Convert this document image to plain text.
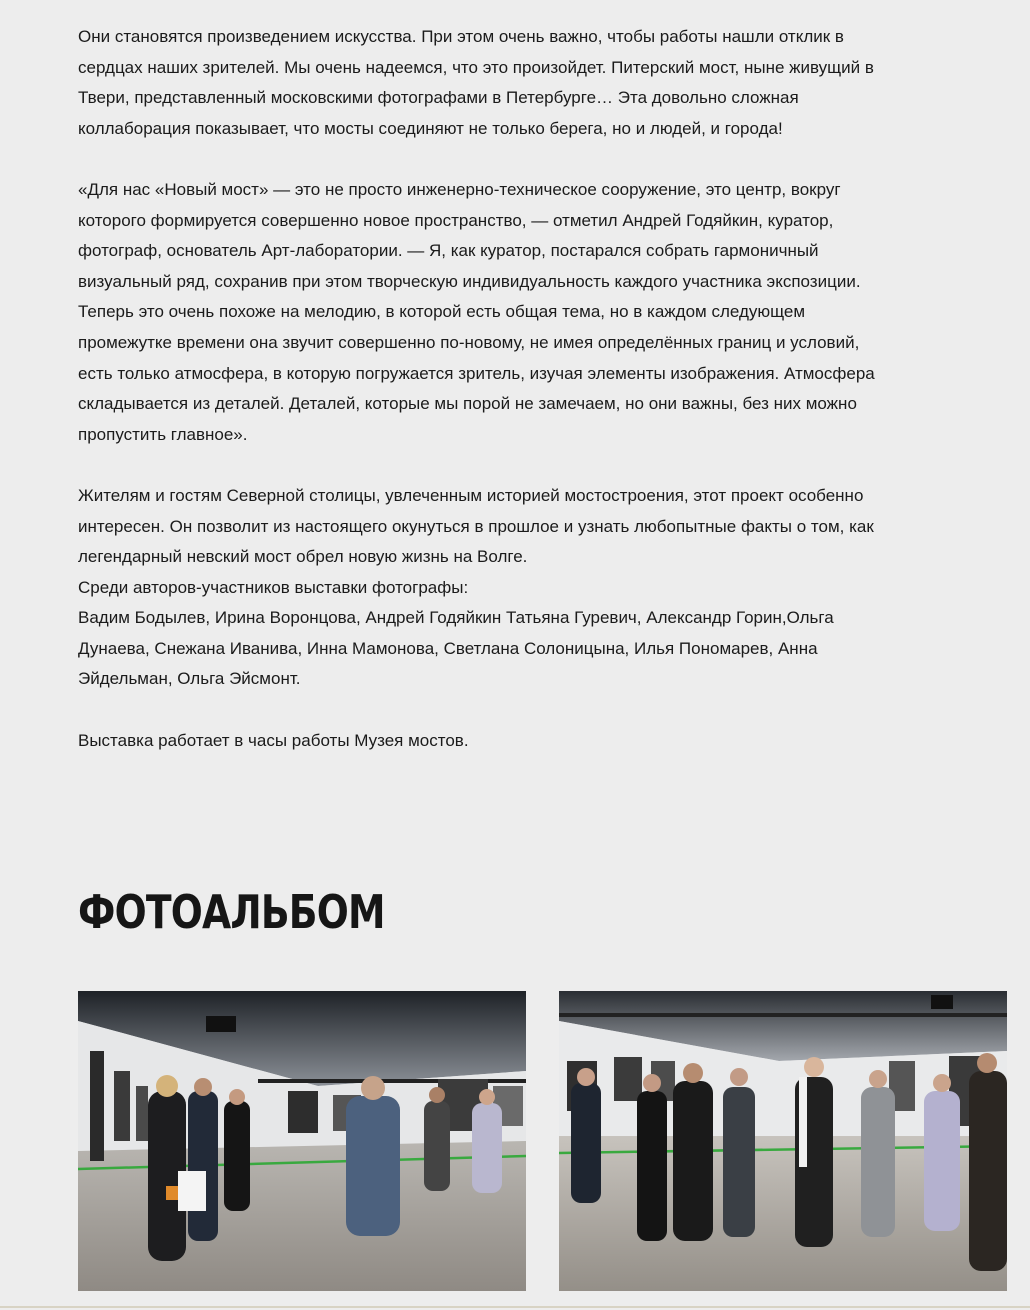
Они становятся произведением искусства. При этом очень важно, чтобы работы нашли отклик в сердцах наших зрителей. Мы очень надеемся, что это произойдет. Питерский мост, ныне живущий в Твери, представленный московскими фотографами в Петербурге… Эта довольно сложная коллаборация показывает, что мосты соединяют не только берега, но и людей, и города!

«Для нас «Новый мост» — это не просто инженерно-техническое сооружение, это центр, вокруг которого формируется совершенно новое пространство, — отметил Андрей Годяйкин, куратор, фотограф, основатель Арт-лаборатории. — Я, как куратор, постарался собрать гармоничный визуальный ряд, сохранив при этом творческую индивидуальность каждого участника экспозиции. Теперь это очень похоже на мелодию, в которой есть общая тема, но в каждом следующем промежутке времени она звучит совершенно по-новому, не имея определённых границ и условий, есть только атмосфера, в которую погружается зритель, изучая элементы изображения. Атмосфера складывается из деталей. Деталей, которые мы порой не замечаем, но они важны, без них можно пропустить главное».

Жителям и гостям Северной столицы, увлеченным историей мостостроения, этот проект особенно интересен. Он позволит из настоящего окунуться в прошлое и узнать любопытные факты о том, как легендарный невский мост обрел новую жизнь на Волге.

Среди авторов-участников выставки фотографы:

Вадим Бодылев, Ирина Воронцова, Андрей Годяйкин Татьяна Гуревич, Александр Горин,Ольга Дунаева, Снежана Иванива, Инна Мамонова, Светлана Солоницына, Илья Пономарев, Анна Эйдельман, Ольга Эйсмонт.

Выставка работает в часы работы Музея мостов.

ФОТОАЛЬБОМ
